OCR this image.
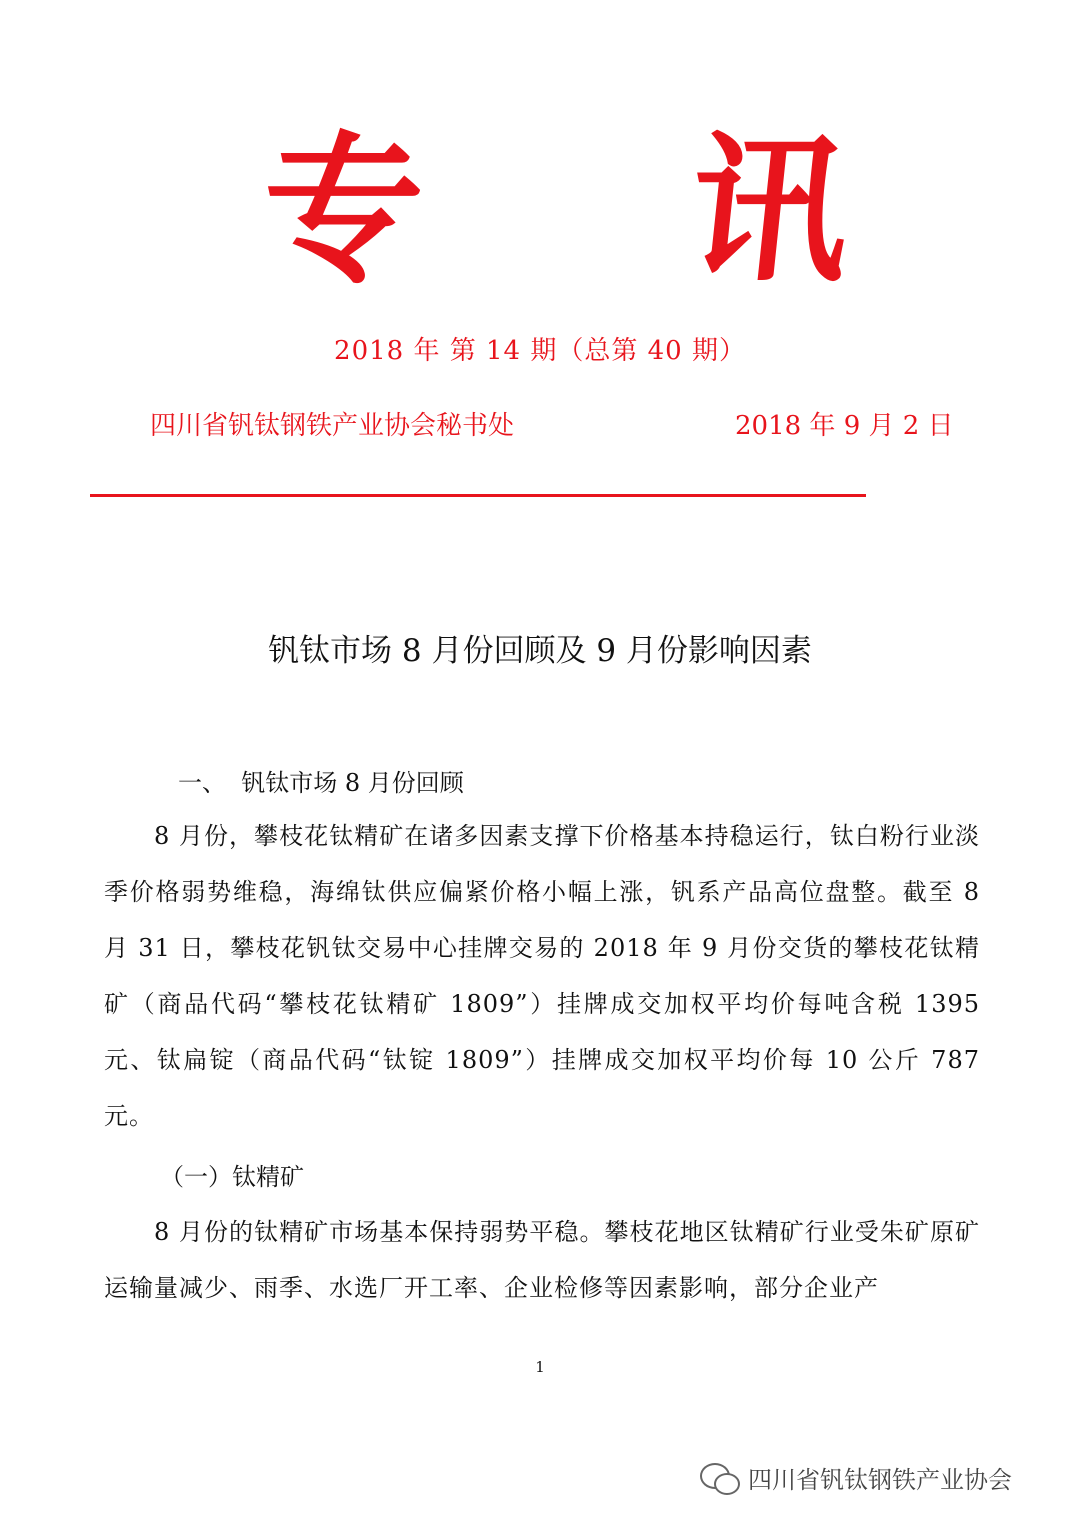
专 讯
2018 年 第 14 期（总第 40 期）
四川省钒钛钢铁产业协会秘书处	2018 年 9 月 2 日
钒钛市场 8 月份回顾及 9 月份影响因素
一、  钒钛市场 8 月份回顾
8 月份，攀枝花钛精矿在诸多因素支撑下价格基本持稳运行，钛白粉行业淡季价格弱势维稳，海绵钛供应偏紧价格小幅上涨，钒系产品高位盘整。截至 8 月 31 日，攀枝花钒钛交易中心挂牌交易的 2018 年 9 月份交货的攀枝花钛精矿（商品代码“攀枝花钛精矿 1809”）挂牌成交加权平均价每吨含税 1395 元、钛扁锭（商品代码“钛锭 1809”）挂牌成交加权平均价每 10 公斤 787 元。
（一）钛精矿
8 月份的钛精矿市场基本保持弱势平稳。攀枝花地区钛精矿行业受朱矿原矿运输量减少、雨季、水选厂开工率、企业检修等因素影响，部分企业产
1
四川省钒钛钢铁产业协会
